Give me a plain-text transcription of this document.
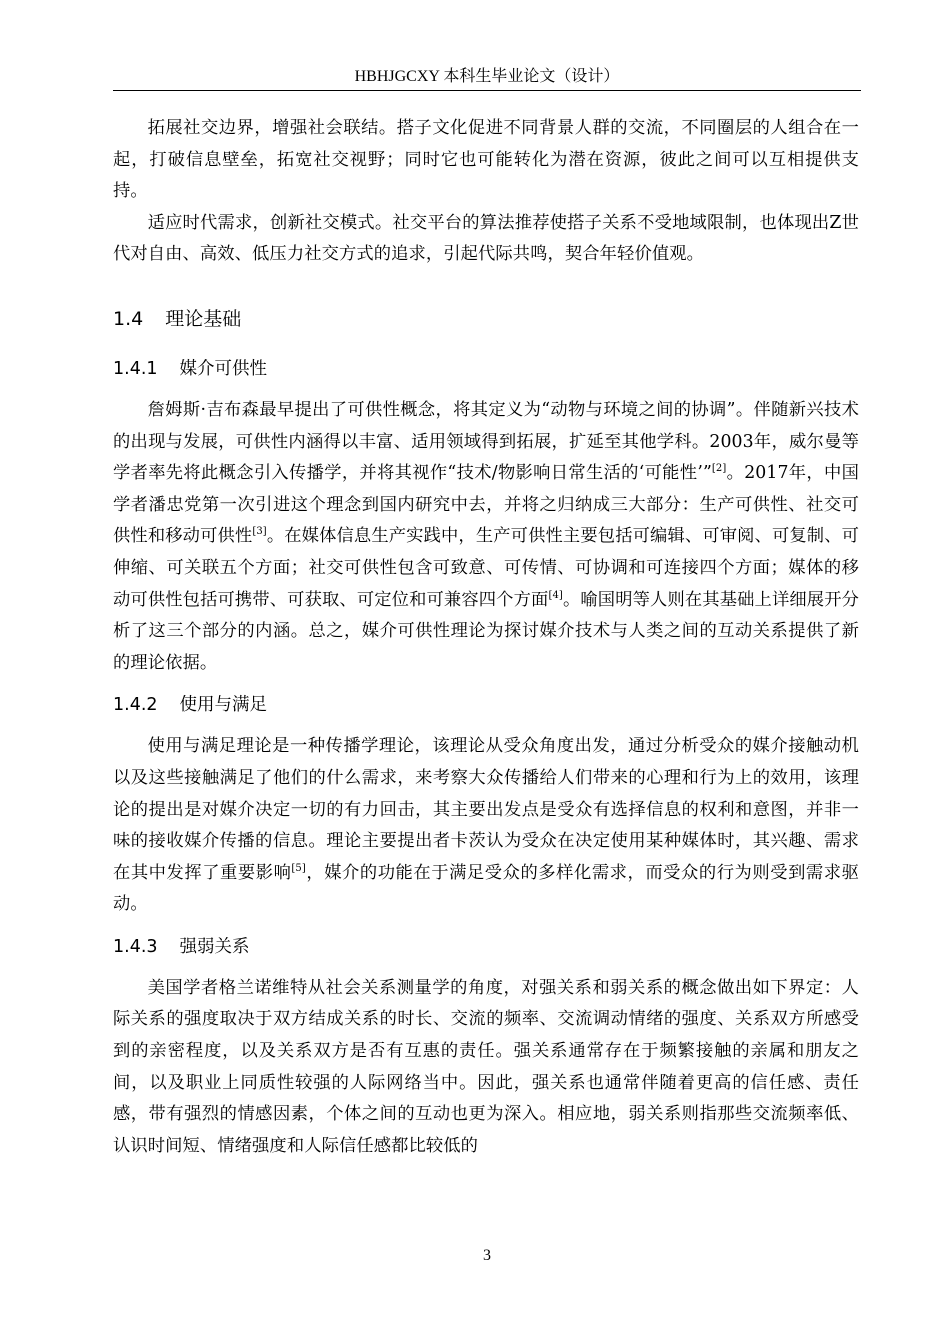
HBHJGCXY 本科生毕业论文（设计）

拓展社交边界，增强社会联结。搭子文化促进不同背景人群的交流，不同圈层的人组合在一起，打破信息壁垒，拓宽社交视野；同时它也可能转化为潜在资源，彼此之间可以互相提供支持。

适应时代需求，创新社交模式。社交平台的算法推荐使搭子关系不受地域限制，也体现出Z世代对自由、高效、低压力社交方式的追求，引起代际共鸣，契合年轻价值观。

1.4 理论基础
1.4.1 媒介可供性

詹姆斯·吉布森最早提出了可供性概念，将其定义为“动物与环境之间的协调”。伴随新兴技术的出现与发展，可供性内涵得以丰富、适用领域得到拓展，扩延至其他学科。2003年，威尔曼等学者率先将此概念引入传播学，并将其视作“技术/物影响日常生活的‘可能性’”[2]。2017年，中国学者潘忠党第一次引进这个理念到国内研究中去，并将之归纳成三大部分：生产可供性、社交可供性和移动可供性[3]。在媒体信息生产实践中，生产可供性主要包括可编辑、可审阅、可复制、可伸缩、可关联五个方面；社交可供性包含可致意、可传情、可协调和可连接四个方面；媒体的移动可供性包括可携带、可获取、可定位和可兼容四个方面[4]。喻国明等人则在其基础上详细展开分析了这三个部分的内涵。总之，媒介可供性理论为探讨媒介技术与人类之间的互动关系提供了新的理论依据。

1.4.2 使用与满足

使用与满足理论是一种传播学理论，该理论从受众角度出发，通过分析受众的媒介接触动机以及这些接触满足了他们的什么需求，来考察大众传播给人们带来的心理和行为上的效用，该理论的提出是对媒介决定一切的有力回击，其主要出发点是受众有选择信息的权利和意图，并非一味的接收媒介传播的信息。理论主要提出者卡茨认为受众在决定使用某种媒体时，其兴趣、需求在其中发挥了重要影响[5]，媒介的功能在于满足受众的多样化需求，而受众的行为则受到需求驱动。

1.4.3 强弱关系

美国学者格兰诺维特从社会关系测量学的角度，对强关系和弱关系的概念做出如下界定：人际关系的强度取决于双方结成关系的时长、交流的频率、交流调动情绪的强度、关系双方所感受到的亲密程度，以及关系双方是否有互惠的责任。强关系通常存在于频繁接触的亲属和朋友之间，以及职业上同质性较强的人际网络当中。因此，强关系也通常伴随着更高的信任感、责任感，带有强烈的情感因素，个体之间的互动也更为深入。相应地，弱关系则指那些交流频率低、认识时间短、情绪强度和人际信任感都比较低的

3
